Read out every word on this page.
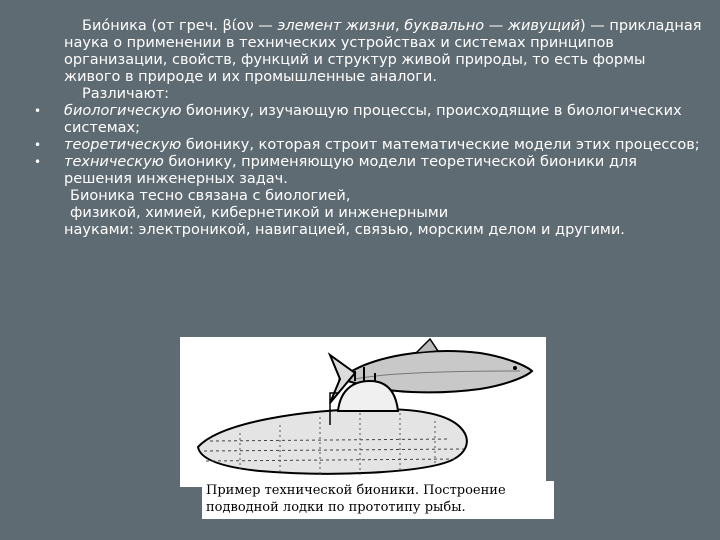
Био́ника (от греч. βίον — элемент жизни, буквально — живущий) — прикладная наука о применении в технических устройствах и системах принципов организации, свойств, функций и структур живой природы, то есть формы живого в природе и их промышленные аналоги.

Различают:

• биологическую бионику, изучающую процессы, происходящие в биологических системах;
• теоретическую бионику, которая строит математические модели этих процессов;
• техническую бионику, применяющую модели теоретической бионики для решения инженерных задач.

Бионика тесно связана с биологией,

физикой, химией, кибернетикой и инженерными

науками: электроникой, навигацией, связью, морским делом и другими.

Пример технической бионики. Построение
подводной лодки по прототипу рыбы.
